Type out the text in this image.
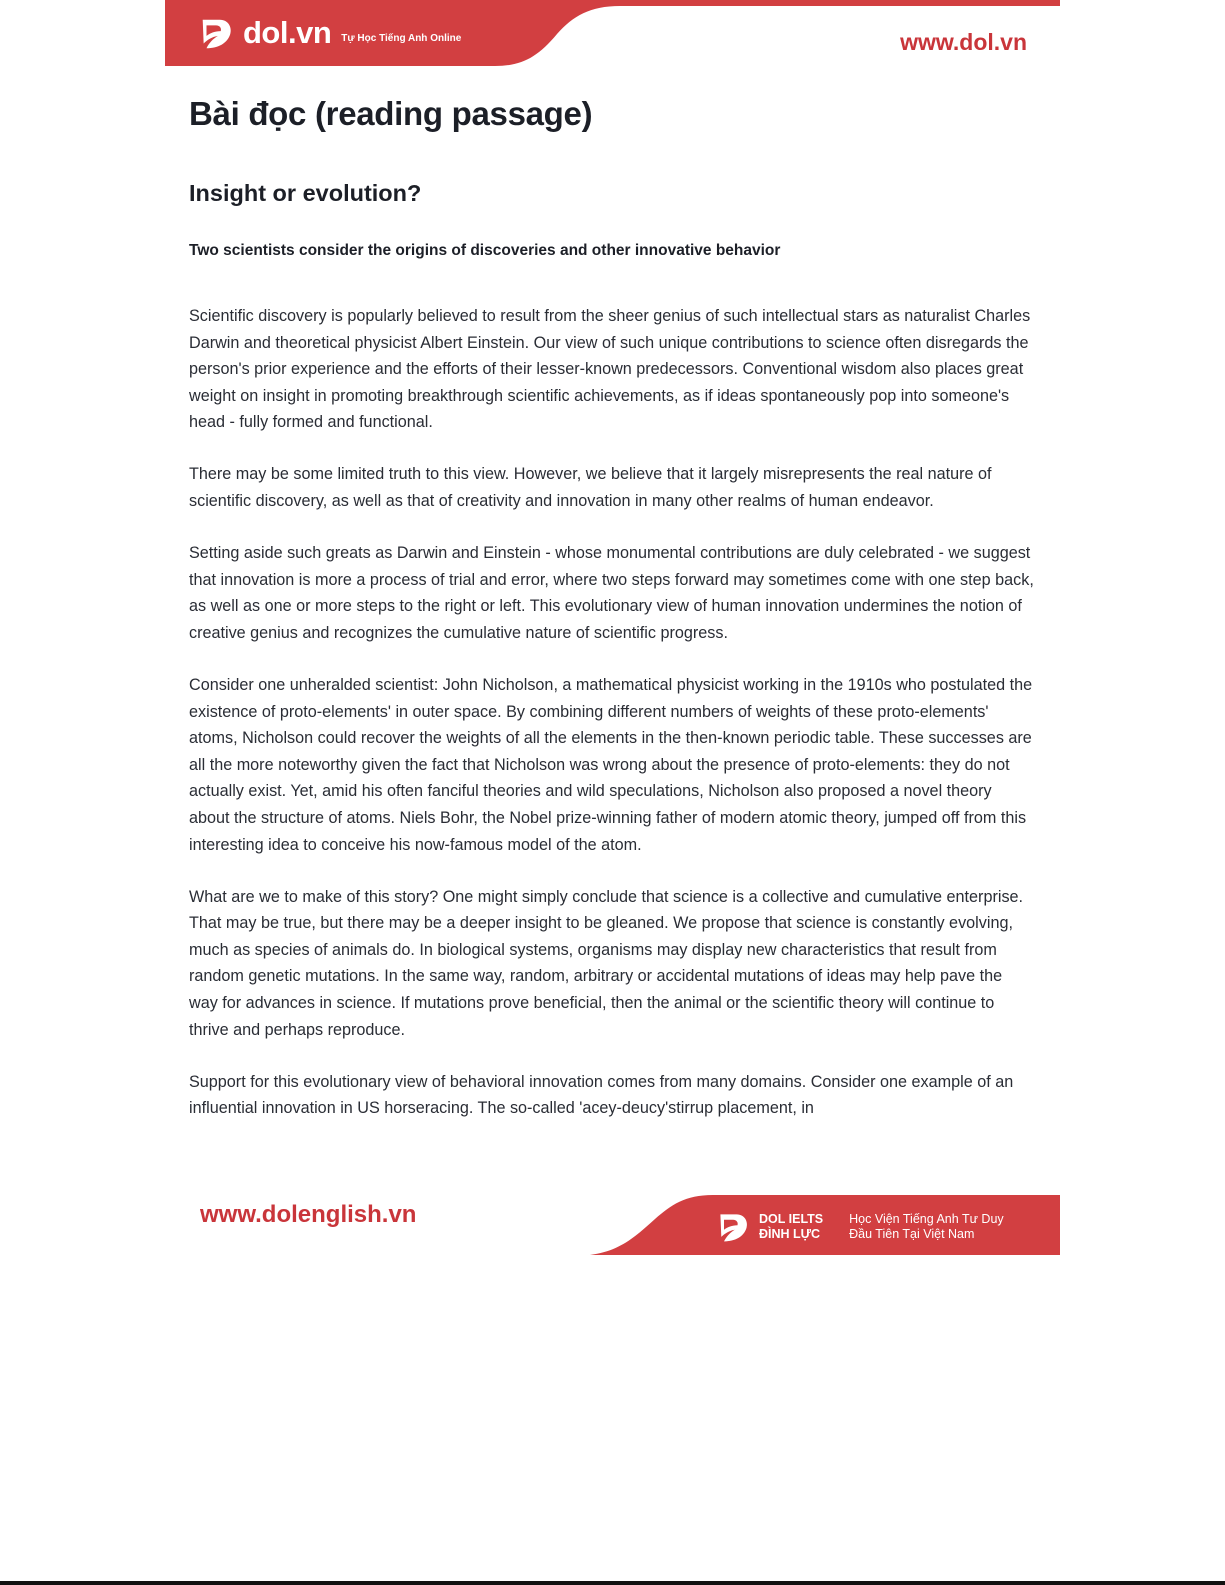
dol.vn Tự Học Tiếng Anh Online	www.dol.vn
Bài đọc (reading passage)
Insight or evolution?
Two scientists consider the origins of discoveries and other innovative behavior

Scientific discovery is popularly believed to result from the sheer genius of such intellectual stars as naturalist Charles Darwin and theoretical physicist Albert Einstein. Our view of such unique contributions to science often disregards the person's prior experience and the efforts of their lesser-known predecessors. Conventional wisdom also places great weight on insight in promoting breakthrough scientific achievements, as if ideas spontaneously pop into someone's head - fully formed and functional.

There may be some limited truth to this view. However, we believe that it largely misrepresents the real nature of scientific discovery, as well as that of creativity and innovation in many other realms of human endeavor.

Setting aside such greats as Darwin and Einstein - whose monumental contributions are duly celebrated - we suggest that innovation is more a process of trial and error, where two steps forward may sometimes come with one step back, as well as one or more steps to the right or left. This evolutionary view of human innovation undermines the notion of creative genius and recognizes the cumulative nature of scientific progress.

Consider one unheralded scientist: John Nicholson, a mathematical physicist working in the 1910s who postulated the existence of proto-elements' in outer space. By combining different numbers of weights of these proto-elements' atoms, Nicholson could recover the weights of all the elements in the then-known periodic table. These successes are all the more noteworthy given the fact that Nicholson was wrong about the presence of proto-elements: they do not actually exist. Yet, amid his often fanciful theories and wild speculations, Nicholson also proposed a novel theory about the structure of atoms. Niels Bohr, the Nobel prize-winning father of modern atomic theory, jumped off from this interesting idea to conceive his now-famous model of the atom.

What are we to make of this story? One might simply conclude that science is a collective and cumulative enterprise. That may be true, but there may be a deeper insight to be gleaned. We propose that science is constantly evolving, much as species of animals do. In biological systems, organisms may display new characteristics that result from random genetic mutations. In the same way, random, arbitrary or accidental mutations of ideas may help pave the way for advances in science. If mutations prove beneficial, then the animal or the scientific theory will continue to thrive and perhaps reproduce.

Support for this evolutionary view of behavioral innovation comes from many domains. Consider one example of an influential innovation in US horseracing. The so-called 'acey-deucy'stirrup placement, in

www.dolenglish.vn	DOL IELTS
ĐÌNH LỰC
Học Viện Tiếng Anh Tư Duy
Đầu Tiên Tại Việt Nam
